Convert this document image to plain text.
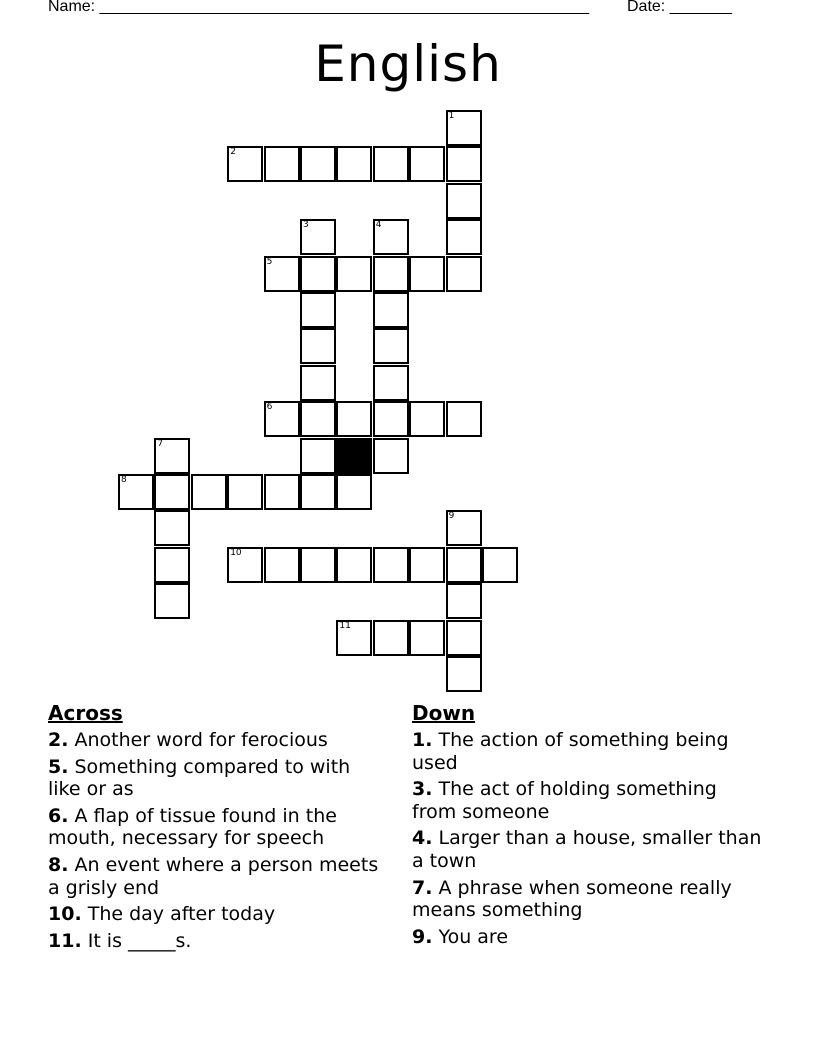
Name: _______________________________________________________ Date: _______
English
1
2
3	4
5
6
7
8
9
10
11
Across
2. Another word for ferocious
5. Something compared to with like or as
6. A flap of tissue found in the mouth, necessary for speech
8. An event where a person meets a grisly end
10. The day after today
11. It is _____s.
Down
1. The action of something being used
3. The act of holding something from someone
4. Larger than a house, smaller than a town
7. A phrase when someone really means something
9. You are
